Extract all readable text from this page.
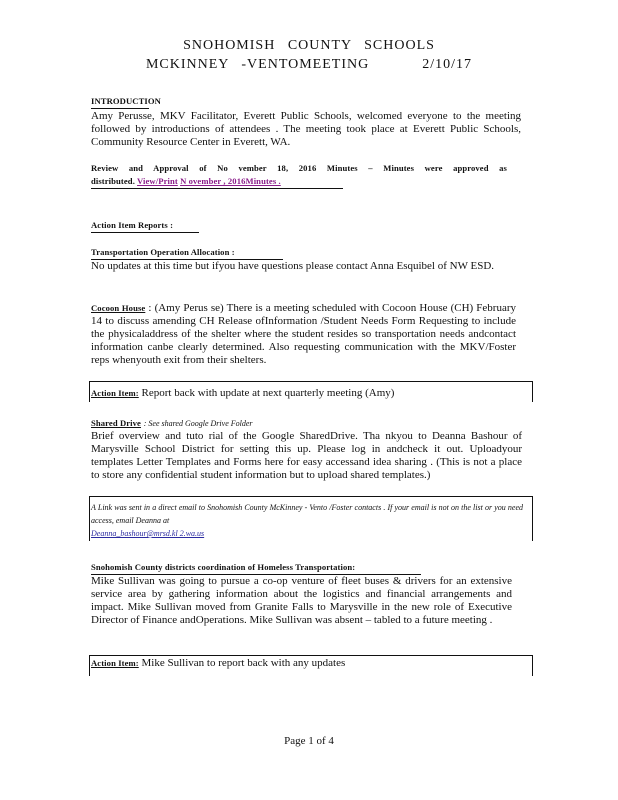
SNOHOMISH COUNTY SCHOOLS
MCKINNEY -VENTOMEETING	2/10/17
INTRODUCTION
Amy Perusse, MKV Facilitator, Everett Public Schools, welcomed everyone to the meeting followed by introductions of attendees . The meeting took place at Everett Public Schools, Community Resource Center in Everett, WA.
Review and Approval of No vember 18, 2016 Minutes – Minutes were approved as
distributed. View/Print N ovember , 2016Minutes .
Action Item Reports :
Transportation Operation Allocation :
No updates at this time but ifyou have questions please contact Anna Esquibel of NW ESD.
Cocoon House : (Amy Perus se) There is a meeting scheduled with Cocoon House (CH) February 14 to discuss amending CH Release ofInformation /Student Needs Form Requesting to include the physicaladdress of the shelter where the student resides so transportation needs andcontact information canbe clearly determined. Also requesting communication with the MKV/Foster reps whenyouth exit from their shelters.
Action Item: Report back with update at next quarterly meeting (Amy)
Shared Drive : See shared Google Drive Folder
Brief overview and tuto rial of the Google SharedDrive. Tha nkyou to Deanna Bashour of Marysville School District for setting this up. Please log in andcheck it out. Uploadyour templates Letter Templates and Forms here for easy accessand idea sharing . (This is not a place to store any confidential student information but to upload shared templates.)
A Link was sent in a direct email to Snohomish County McKinney - Vento /Foster contacts . If your email is not on the list or you need access, email Deanna at
Deanna_bashour@mrsd.kl 2.wa.us
Snohomish County districts coordination of Homeless Transportation:
Mike Sullivan was going to pursue a co-op venture of fleet buses & drivers for an extensive service area by gathering information about the logistics and financial arrangements and impact. Mike Sullivan moved from Granite Falls to Marysville in the new role of Executive Director of Finance andOperations. Mike Sullivan was absent – tabled to a future meeting .
Action Item: Mike Sullivan to report back with any updates
Page 1 of 4
